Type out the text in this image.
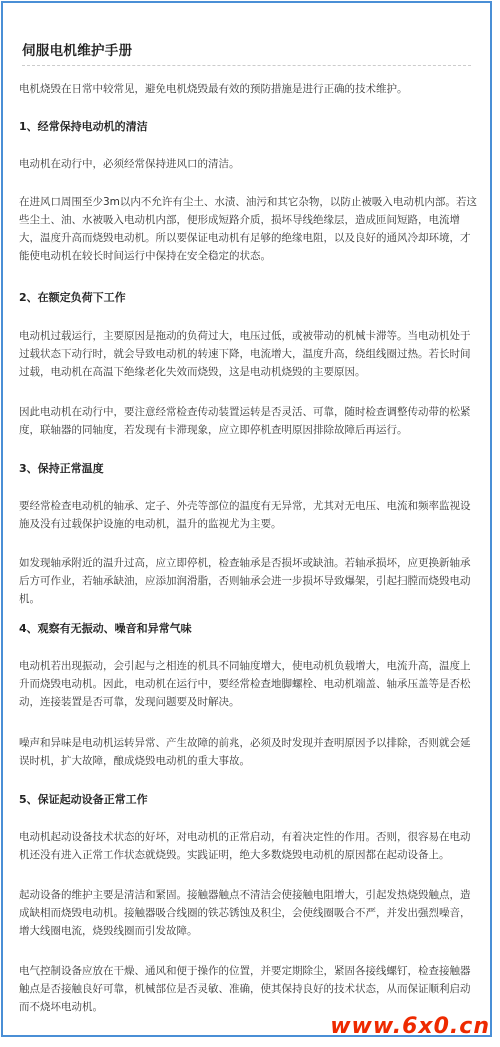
伺服电机维护手册

电机烧毁在日常中较常见，避免电机烧毁最有效的预防措施是进行正确的技术维护。

1、经常保持电动机的清洁

电动机在动行中，必须经常保持进风口的清洁。

在进风口周围至少3m以内不允许有尘土、水渍、油污和其它杂物，以防止被吸入电动机内部。若这些尘土、油、水被吸入电动机内部，便形成短路介质，损坏导线绝缘层，造成匝间短路，电流增大，温度升高而烧毁电动机。所以要保证电动机有足够的绝缘电阻，以及良好的通风冷却环境，才能使电动机在较长时间运行中保持在安全稳定的状态。

2、在额定负荷下工作

电动机过载运行，主要原因是拖动的负荷过大，电压过低，或被带动的机械卡滞等。当电动机处于过载状态下动行时，就会导致电动机的转速下降，电流增大，温度升高，绕组线圈过热。若长时间过载，电动机在高温下绝缘老化失效而烧毁，这是电动机烧毁的主要原因。

因此电动机在动行中，要注意经常检查传动装置运转是否灵活、可靠，随时检查调整传动带的松紧度，联轴器的同轴度，若发现有卡滞现象，应立即停机查明原因排除故障后再运行。

3、保持正常温度

要经常检查电动机的轴承、定子、外壳等部位的温度有无异常，尤其对无电压、电流和频率监视设施及没有过载保护设施的电动机，温升的监视尤为主要。

如发现轴承附近的温升过高，应立即停机，检查轴承是否损坏或缺油。若轴承损坏，应更换新轴承后方可作业，若轴承缺油，应添加润滑脂，否则轴承会进一步损坏导致爆架，引起扫膛而烧毁电动机。

4、观察有无振动、噪音和异常气味

电动机若出现振动，会引起与之相连的机具不同轴度增大，使电动机负载增大，电流升高，温度上升而烧毁电动机。因此，电动机在运行中，要经常检查地脚螺栓、电动机端盖、轴承压盖等是否松动，连接装置是否可靠，发现问题要及时解决。

噪声和异味是电动机运转异常、产生故障的前兆，必须及时发现并查明原因予以排除，否则就会延误时机，扩大故障，酿成烧毁电动机的重大事故。

5、保证起动设备正常工作

电动机起动设备技术状态的好坏，对电动机的正常启动，有着决定性的作用。否则，很容易在电动机还没有进入正常工作状态就烧毁。实践证明，绝大多数烧毁电动机的原因都在起动设备上。

起动设备的维护主要是清洁和紧固。接触器触点不清洁会使接触电阻增大，引起发热烧毁触点，造成缺相而烧毁电动机。接触器吸合线圈的铁芯锈蚀及积尘，会使线圈吸合不严，并发出强烈噪音，增大线圈电流，烧毁线圈而引发故障。

电气控制设备应放在干燥、通风和便于操作的位置，并要定期除尘，紧固各接线螺钉，检查接触器触点是否接触良好可靠，机械部位是否灵敏、准确，使其保持良好的技术状态，从而保证顺利启动而不烧坏电动机。

www.6x0.cn
